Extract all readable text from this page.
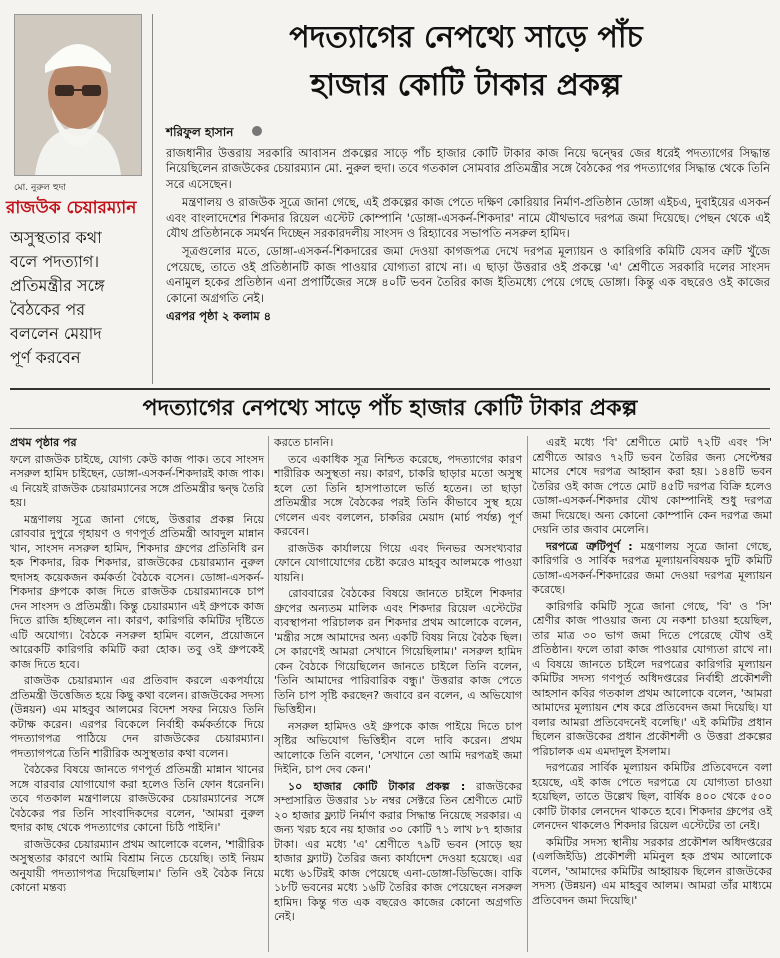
মো. নুরুল হুদা
রাজউক চেয়ারম্যান
অসুস্থতার কথা
বলে পদত্যাগ।
প্রতিমন্ত্রীর সঙ্গে
বৈঠকের পর
বললেন মেয়াদ
পূর্ণ করবেন
পদত্যাগের নেপথ্যে সাড়ে পাঁচ
হাজার কোটি টাকার প্রকল্প
শরিফুল হাসান

রাজধানীর উত্তরায় সরকারি আবাসন প্রকল্পের সাড়ে পাঁচ হাজার কোটি টাকার কাজ নিয়ে দ্বন্দ্বের জের ধরেই পদত্যাগের সিদ্ধান্ত নিয়েছিলেন রাজউকের চেয়ারম্যান মো. নুরুল হুদা। তবে গতকাল সোমবার প্রতিমন্ত্রীর সঙ্গে বৈঠকের পর পদত্যাগের সিদ্ধান্ত থেকে তিনি সরে এসেছেন।

মন্ত্রণালয় ও রাজউক সূত্রে জানা গেছে, এই প্রকল্পের কাজ পেতে দক্ষিণ কোরিয়ার নির্মাণ-প্রতিষ্ঠান ডোঙ্গা এইচএ, দুবাইয়ের এসকর্ন এবং বাংলাদেশের শিকদার রিয়েল এস্টেট কোম্পানি 'ডোঙ্গা-এসকর্ন-শিকদার' নামে যৌথভাবে দরপত্র জমা দিয়েছে। পেছন থেকে এই যৌথ প্রতিষ্ঠানকে সমর্থন দিচ্ছেন সরকারদলীয় সাংসদ ও রিহ্যাবের সভাপতি নসরুল হামিদ।

সূত্রগুলোর মতে, ডোঙ্গা-এসকর্ন-শিকদারের জমা দেওয়া কাগজপত্র দেখে দরপত্র মূল্যায়ন ও কারিগরি কমিটি যেসব ত্রুটি খুঁজে পেয়েছে, তাতে ওই প্রতিষ্ঠানটি কাজ পাওয়ার যোগ্যতা রাখে না। এ ছাড়া উত্তরার ওই প্রকল্পে 'এ' শ্রেণীতে সরকারি দলের সাংসদ এনামুল হকের প্রতিষ্ঠান এনা প্রপার্টিজের সঙ্গে ৪০টি ভবন তৈরির কাজ ইতিমধ্যে পেয়ে গেছে ডোঙ্গা। কিন্তু এক বছরেও ওই কাজের কোনো অগ্রগতি নেই।

এরপর পৃষ্ঠা ২ কলাম ৪
পদত্যাগের নেপথ্যে সাড়ে পাঁচ হাজার কোটি টাকার প্রকল্প

প্রথম পৃষ্ঠার পর

ফলে রাজউক চাইছে, যোগ্য কেউ কাজ পাক। তবে সাংসদ নসরুল হামিদ চাইছেন, ডোঙ্গা-এসকর্ন-শিকদারই কাজ পাক। এ নিয়েই রাজউক চেয়ারম্যানের সঙ্গে প্রতিমন্ত্রীর দ্বন্দ্ব তৈরি হয়।

মন্ত্রণালয় সূত্রে জানা গেছে, উত্তরার প্রকল্প নিয়ে রোববার দুপুরে গৃহায়ণ ও গণপূর্ত প্রতিমন্ত্রী আবদুল মান্নান খান, সাংসদ নসরুল হামিদ, শিকদার গ্রুপের প্রতিনিধি রন হক শিকদার, রিক শিকদার, রাজউকের চেয়ারম্যান নুরুল হুদাসহ কয়েকজন কর্মকর্তা বৈঠকে বসেন। ডোঙ্গা-এসকর্ন-শিকদার গ্রুপকে কাজ দিতে রাজউক চেয়ারম্যানকে চাপ দেন সাংসদ ও প্রতিমন্ত্রী। কিন্তু চেয়ারম্যান এই গ্রুপকে কাজ দিতে রাজি হচ্ছিলেন না। কারণ, কারিগরি কমিটির দৃষ্টিতে এটি অযোগ্য। বৈঠকে নসরুল হামিদ বলেন, প্রয়োজনে আরেকটি কারিগরি কমিটি করা হোক। তবু ওই গ্রুপকেই কাজ দিতে হবে।

রাজউক চেয়ারম্যান এর প্রতিবাদ করলে একপর্যায়ে প্রতিমন্ত্রী উত্তেজিত হয়ে কিছু কথা বলেন। রাজউকের সদস্য (উন্নয়ন) এম মাহবুব আলমের বিদেশ সফর নিয়েও তিনি কটাক্ষ করেন। এরপর বিকেলে নির্বাহী কর্মকর্তাকে দিয়ে পদত্যাগপত্র পাঠিয়ে দেন রাজউকের চেয়ারম্যান। পদত্যাগপত্রে তিনি শারীরিক অসুস্থতার কথা বলেন।

বৈঠকের বিষয়ে জানতে গণপূর্ত প্রতিমন্ত্রী মান্নান খানের সঙ্গে বারবার যোগাযোগ করা হলেও তিনি ফোন ধরেননি। তবে গতকাল মন্ত্রণালয়ে রাজউকের চেয়ারম্যানের সঙ্গে বৈঠকের পর তিনি সাংবাদিকদের বলেন, 'আমরা নুরুল হুদার কাছ থেকে পদত্যাগের কোনো চিঠি পাইনি।'

রাজউকের চেয়ারম্যান প্রথম আলোকে বলেন, 'শারীরিক অসুস্থতার কারণে আমি বিশ্রাম নিতে চেয়েছি। তাই নিয়ম অনুযায়ী পদত্যাগপত্র দিয়েছিলাম।' তিনি ওই বৈঠক নিয়ে কোনো মন্তব্য

করতে চাননি।

তবে একাধিক সূত্র নিশ্চিত করেছে, পদত্যাগের কারণ শারীরিক অসুস্থতা নয়। কারণ, চাকরি ছাড়ার মতো অসুস্থ হলে তো তিনি হাসপাতালে ভর্তি হতেন। তা ছাড়া প্রতিমন্ত্রীর সঙ্গে বৈঠকের পরই তিনি কীভাবে সুস্থ হয়ে গেলেন এবং বললেন, চাকরির মেয়াদ (মার্চ পর্যন্ত) পূর্ণ করবেন।

রাজউক কার্যালয়ে গিয়ে এবং দিনভর অসংখ্যবার ফোনে যোগাযোগের চেষ্টা করেও মাহবুব আলমকে পাওয়া যায়নি।

রোববারের বৈঠকের বিষয়ে জানতে চাইলে শিকদার গ্রুপের অন্যতম মালিক এবং শিকদার রিয়েল এস্টেটের ব্যবস্থাপনা পরিচালক রন শিকদার প্রথম আলোকে বলেন, 'মন্ত্রীর সঙ্গে আমাদের অন্য একটি বিষয় নিয়ে বৈঠক ছিল। সে কারণেই আমরা সেখানে গিয়েছিলাম।' নসরুল হামিদ কেন বৈঠকে গিয়েছিলেন জানতে চাইলে তিনি বলেন, 'তিনি আমাদের পারিবারিক বন্ধু।' উত্তরার কাজ পেতে তিনি চাপ সৃষ্টি করছেন? জবাবে রন বলেন, এ অভিযোগ ভিত্তিহীন।

নসরুল হামিদও ওই গ্রুপকে কাজ পাইয়ে দিতে চাপ সৃষ্টির অভিযোগ ভিত্তিহীন বলে দাবি করেন। প্রথম আলোকে তিনি বলেন, 'সেখানে তো আমি দরপত্রই জমা দিইনি, চাপ দেব কেন।'

১০ হাজার কোটি টাকার প্রকল্প : রাজউকের সম্প্রসারিত উত্তরার ১৮ নম্বর সেক্টরে তিন শ্রেণীতে মোট ২০ হাজার ফ্ল্যাট নির্মাণ করার সিদ্ধান্ত নিয়েছে সরকার। এ জন্য খরচ হবে নয় হাজার ৩০ কোটি ৭১ লাখ ৮৭ হাজার টাকা। এর মধ্যে 'এ' শ্রেণীতে ৭৯টি ভবন (সাড়ে ছয় হাজার ফ্ল্যাট) তৈরির জন্য কার্যাদেশ দেওয়া হয়েছে। এর মধ্যে ৬১টিরই কাজ পেয়েছে এনা-ডোঙ্গা-ডিভিজে। বাকি ১৮টি ভবনের মধ্যে ১৬টি তৈরির কাজ পেয়েছেন নসরুল হামিদ। কিন্তু গত এক বছরেও কাজের কোনো অগ্রগতি নেই।

এরই মধ্যে 'বি' শ্রেণীতে মোট ৭২টি এবং 'সি' শ্রেণীতে আরও ৭২টি ভবন তৈরির জন্য সেপ্টেম্বর মাসের শেষে দরপত্র আহ্বান করা হয়। ১৪৪টি ভবন তৈরির ওই কাজ পেতে মোট ৪৫টি দরপত্র বিক্রি হলেও ডোঙ্গা-এসকর্ন-শিকদার যৌথ কোম্পানিই শুধু দরপত্র জমা দিয়েছে। অন্য কোনো কোম্পানি কেন দরপত্র জমা দেয়নি তার জবাব মেলেনি।

দরপত্রে ত্রুটিপূর্ণ : মন্ত্রণালয় সূত্রে জানা গেছে, কারিগরি ও সার্বিক দরপত্র মূল্যায়নবিষয়ক দুটি কমিটি ডোঙ্গা-এসকর্ন-শিকদারের জমা দেওয়া দরপত্র মূল্যায়ন করেছে।

কারিগরি কমিটি সূত্রে জানা গেছে, 'বি' ও 'সি' শ্রেণীর কাজ পাওয়ার জন্য যে নকশা চাওয়া হয়েছিল, তার মাত্র ৩০ ভাগ জমা দিতে পেরেছে যৌথ ওই প্রতিষ্ঠান। ফলে তারা কাজ পাওয়ার যোগ্যতা রাখে না। এ বিষয়ে জানতে চাইলে দরপত্রের কারিগরি মূল্যায়ন কমিটির সদস্য গণপূর্ত অধিদপ্তরের নির্বাহী প্রকৌশলী আহসান কবির গতকাল প্রথম আলোকে বলেন, 'আমরা আমাদের মূল্যায়ন শেষ করে প্রতিবেদন জমা দিয়েছি। যা বলার আমরা প্রতিবেদনেই বলেছি।' এই কমিটির প্রধান ছিলেন রাজউকের প্রধান প্রকৌশলী ও উত্তরা প্রকল্পের পরিচালক এম এমদাদুল ইসলাম।

দরপত্রের সার্বিক মূল্যায়ন কমিটির প্রতিবেদনে বলা হয়েছে, এই কাজ পেতে দরপত্রে যে যোগ্যতা চাওয়া হয়েছিল, তাতে উল্লেখ ছিল, বার্ষিক ৪০০ থেকে ৫০০ কোটি টাকার লেনদেন থাকতে হবে। শিকদার গ্রুপের ওই লেনদেন থাকলেও শিকদার রিয়েল এস্টেটের তা নেই।

কমিটির সদস্য স্থানীয় সরকার প্রকৌশল অধিদপ্তরের (এলজিইডি) প্রকৌশলী মমিনুল হক প্রথম আলোকে বলেন, 'আমাদের কমিটির আহ্বায়ক ছিলেন রাজউকের সদস্য (উন্নয়ন) এম মাহবুব আলম। আমরা তাঁর মাধ্যমে প্রতিবেদন জমা দিয়েছি।'
